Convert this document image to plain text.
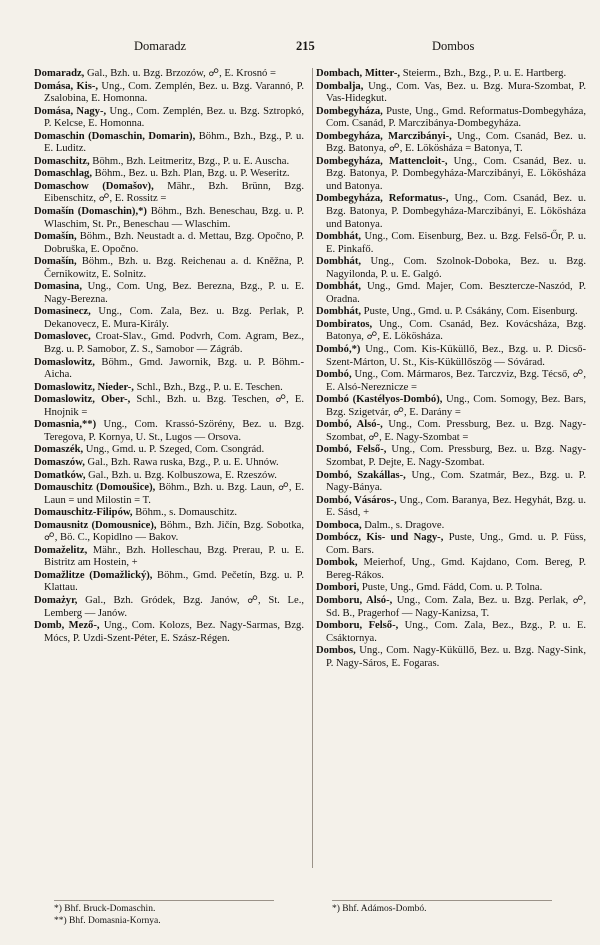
Domaradz	215	Dombos
Domaradz, Gal., Bzh. u. Bzg. Brzozów, ☍, E. Krosnó =
Domása, Kis-, Ung., Com. Zemplén, Bez. u. Bzg. Varannó, P. Zsalobina, E. Homonna.
Domása, Nagy-, Ung., Com. Zemplén, Bez. u. Bzg. Sztropkó, P. Kelcse, E. Homonna.
Domaschin (Domaschin, Domarin), Böhm., Bzh., Bzg., P. u. E. Luditz.
Domaschitz, Böhm., Bzh. Leitmeritz, Bzg., P. u. E. Auscha.
Domaschlag, Böhm., Bez. u. Bzh. Plan, Bzg. u. P. Weseritz.
Domaschow (Domašov), Mähr., Bzh. Brünn, Bzg. Eibenschitz, ☍, E. Rossitz =
Domašín (Domaschin),*) Böhm., Bzh. Beneschau, Bzg. u. P. Wlaschim, St. Pr., Beneschau — Wlaschim.
Domašín, Böhm., Bzh. Neustadt a. d. Mettau, Bzg. Opočno, P. Dobruška, E. Opočno.
Domašín, Böhm., Bzh. u. Bzg. Reichenau a. d. Kněžna, P. Černikowitz, E. Solnitz.
Domasina, Ung., Com. Ung, Bez. Berezna, Bzg., P. u. E. Nagy-Berezna.
Domasinecz, Ung., Com. Zala, Bez. u. Bzg. Perlak, P. Dekanovecz, E. Mura-Király.
Domaslovec, Croat-Slav., Gmd. Podvrh, Com. Agram, Bez., Bzg. u. P. Samobor, Z. S., Samobor — Zágráb.
Domaslowitz, Böhm., Gmd. Jawornik, Bzg. u. P. Böhm.-Aicha.
Domaslowitz, Nieder-, Schl., Bzh., Bzg., P. u. E. Teschen.
Domaslowitz, Ober-, Schl., Bzh. u. Bzg. Teschen, ☍, E. Hnojnik =
Domasnia,**) Ung., Com. Krassó-Szörény, Bez. u. Bzg. Teregova, P. Kornya, U. St., Lugos — Orsova.
Domaszék, Ung., Gmd. u. P. Szeged, Com. Csongrád.
Domaszów, Gal., Bzh. Rawa ruska, Bzg., P. u. E. Uhnów.
Domatków, Gal., Bzh. u. Bzg. Kolbuszowa, E. Rzeszów.
Domauschitz (Domoušice), Böhm., Bzh. u. Bzg. Laun, ☍, E. Laun = und Milostin = T.
Domauschitz-Filipów, Böhm., s. Domauschitz.
Domausnitz (Domousnice), Böhm., Bzh. Jičín, Bzg. Sobotka, ☍, Bö. C., Kopidlno — Bakov.
Domaželitz, Mähr., Bzh. Holleschau, Bzg. Prerau, P. u. E. Bistritz am Hostein, +
Domažlitze (Domažlický), Böhm., Gmd. Pečetín, Bzg. u. P. Klattau.
Domażyr, Gal., Bzh. Gródek, Bzg. Janów, ☍, St. Le., Lemberg — Janów.
Domb, Mező-, Ung., Com. Kolozs, Bez. Nagy-Sarmas, Bzg. Mócs, P. Uzdi-Szent-Péter, E. Szász-Régen.
Dombach, Mitter-, Steierm., Bzh., Bzg., P. u. E. Hartberg.
Dombalja, Ung., Com. Vas, Bez. u. Bzg. Mura-Szombat, P. Vas-Hidegkut.
Dombegyháza, Puste, Ung., Gmd. Reformatus-Dombegyháza, Com. Csanád, P. Marczibánya-Dombegyháza.
Dombegyháza, Marczibányi-, Ung., Com. Csanád, Bez. u. Bzg. Batonya, ☍, E. Lökösháza = Batonya, T.
Dombegyháza, Mattencloit-, Ung., Com. Csanád, Bez. u. Bzg. Batonya, P. Dombegyháza-Marczibányi, E. Lökösháza und Batonya.
Dombegyháza, Reformatus-, Ung., Com. Csanád, Bez. u. Bzg. Batonya, P. Dombegyháza-Marczibányi, E. Lökösháza und Batonya.
Dombhát, Ung., Com. Eisenburg, Bez. u. Bzg. Felső-Őr, P. u. E. Pinkafő.
Dombhát, Ung., Com. Szolnok-Doboka, Bez. u. Bzg. Nagyilonda, P. u. E. Galgó.
Dombhát, Ung., Gmd. Majer, Com. Beszterczе-Naszód, P. Oradna.
Dombhát, Puste, Ung., Gmd. u. P. Csákány, Com. Eisenburg.
Dombiratos, Ung., Com. Csanád, Bez. Kovácsháza, Bzg. Batonya, ☍, E. Lökösháza.
Dombó,*) Ung., Com. Kis-Küküllő, Bez., Bzg. u. P. Dicső-Szent-Márton, U. St., Kis-Küküllőszög — Sóvárad.
Dombó, Ung., Com. Mármaros, Bez. Tarczviz, Bzg. Técső, ☍, E. Alsó-Nereznicze =
Dombó (Kastélyos-Dombó), Ung., Com. Somogy, Bez. Bars, Bzg. Szigetvár, ☍, E. Darány =
Dombó, Alsó-, Ung., Com. Pressburg, Bez. u. Bzg. Nagy-Szombat, ☍, E. Nagy-Szombat =
Dombó, Felső-, Ung., Com. Pressburg, Bez. u. Bzg. Nagy-Szombat, P. Dejte, E. Nagy-Szombat.
Dombó, Szakállas-, Ung., Com. Szatmár, Bez., Bzg. u. P. Nagy-Bánya.
Dombó, Vásáros-, Ung., Com. Baranya, Bez. Hegyhát, Bzg. u. E. Sásd, +
Domboca, Dalm., s. Dragove.
Dombócz, Kis- und Nagy-, Puste, Ung., Gmd. u. P. Füss, Com. Bars.
Dombok, Meierhof, Ung., Gmd. Kajdano, Com. Bereg, P. Bereg-Rákos.
Dombori, Puste, Ung., Gmd. Fádd, Com. u. P. Tolna.
Domboru, Alsó-, Ung., Com. Zala, Bez. u. Bzg. Perlak, ☍, Sd. B., Pragerhof — Nagy-Kanizsa, T.
Domboru, Felső-, Ung., Com. Zala, Bez., Bzg., P. u. E. Csáktornya.
Dombos, Ung., Com. Nagy-Küküllő, Bez. u. Bzg. Nagy-Sink, P. Nagy-Sáros, E. Fogaras.
*) Bhf. Bruck-Domaschin.
**) Bhf. Domasnia-Kornya.
*) Bhf. Adámos-Dombó.
